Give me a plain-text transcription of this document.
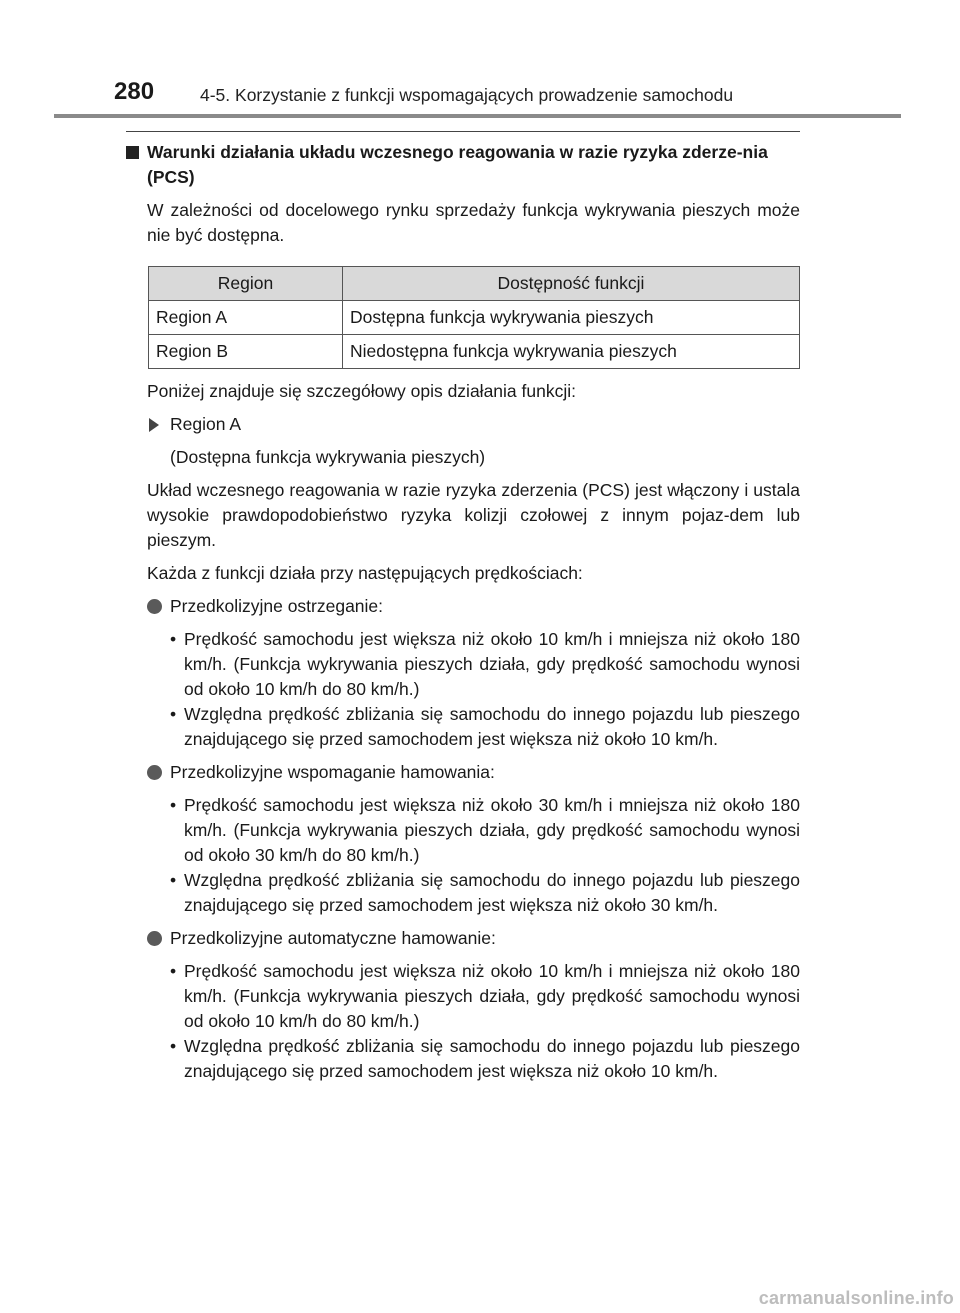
280	4-5. Korzystanie z funkcji wspomagających prowadzenie samochodu
Warunki działania układu wczesnego reagowania w razie ryzyka zderze-nia (PCS)

W zależności od docelowego rynku sprzedaży funkcja wykrywania pieszych może nie być dostępna.

Region	Dostępność funkcji
Region A	Dostępna funkcja wykrywania pieszych
Region B	Niedostępna funkcja wykrywania pieszych

Poniżej znajduje się szczegółowy opis działania funkcji:

Region A
(Dostępna funkcja wykrywania pieszych)

Układ wczesnego reagowania w razie ryzyka zderzenia (PCS) jest włączony i ustala wysokie prawdopodobieństwo ryzyka kolizji czołowej z innym pojaz-dem lub pieszym.

Każda z funkcji działa przy następujących prędkościach:

Przedkolizyjne ostrzeganie:
• Prędkość samochodu jest większa niż około 10 km/h i mniejsza niż około 180 km/h. (Funkcja wykrywania pieszych działa, gdy prędkość samochodu wynosi od około 10 km/h do 80 km/h.)
• Względna prędkość zbliżania się samochodu do innego pojazdu lub pieszego znajdującego się przed samochodem jest większa niż około 10 km/h.
Przedkolizyjne wspomaganie hamowania:
• Prędkość samochodu jest większa niż około 30 km/h i mniejsza niż około 180 km/h. (Funkcja wykrywania pieszych działa, gdy prędkość samochodu wynosi od około 30 km/h do 80 km/h.)
• Względna prędkość zbliżania się samochodu do innego pojazdu lub pieszego znajdującego się przed samochodem jest większa niż około 30 km/h.
Przedkolizyjne automatyczne hamowanie:
• Prędkość samochodu jest większa niż około 10 km/h i mniejsza niż około 180 km/h. (Funkcja wykrywania pieszych działa, gdy prędkość samochodu wynosi od około 10 km/h do 80 km/h.)
• Względna prędkość zbliżania się samochodu do innego pojazdu lub pieszego znajdującego się przed samochodem jest większa niż około 10 km/h.
carmanualsonline.info
